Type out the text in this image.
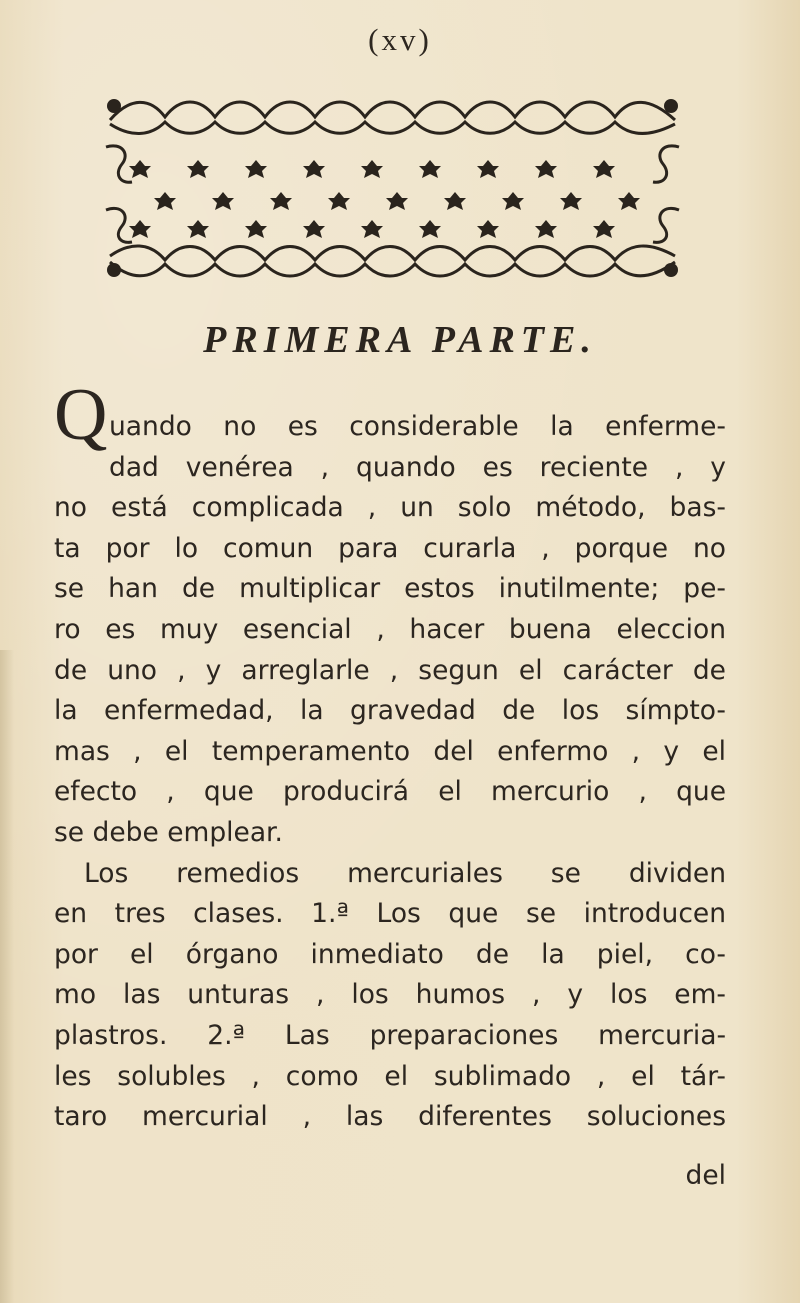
(xv)
PRIMERA PARTE.
Q uando no es considerable la enferme-
dad venérea , quando es reciente , y
no está complicada , un solo método, bas-
ta por lo comun para curarla , porque no
se han de multiplicar estos inutilmente; pe-
ro es muy esencial , hacer buena eleccion
de uno , y arreglarle , segun el carácter de
la enfermedad, la gravedad de los símpto-
mas , el temperamento del enfermo , y el
efecto , que producirá el mercurio , que
se debe emplear.
Los remedios mercuriales se dividen
en tres clases. 1.ª Los que se introducen
por el órgano inmediato de la piel, co-
mo las unturas , los humos , y los em-
plastros. 2.ª Las preparaciones mercuria-
les solubles , como el sublimado , el tár-
taro mercurial , las diferentes soluciones
del
